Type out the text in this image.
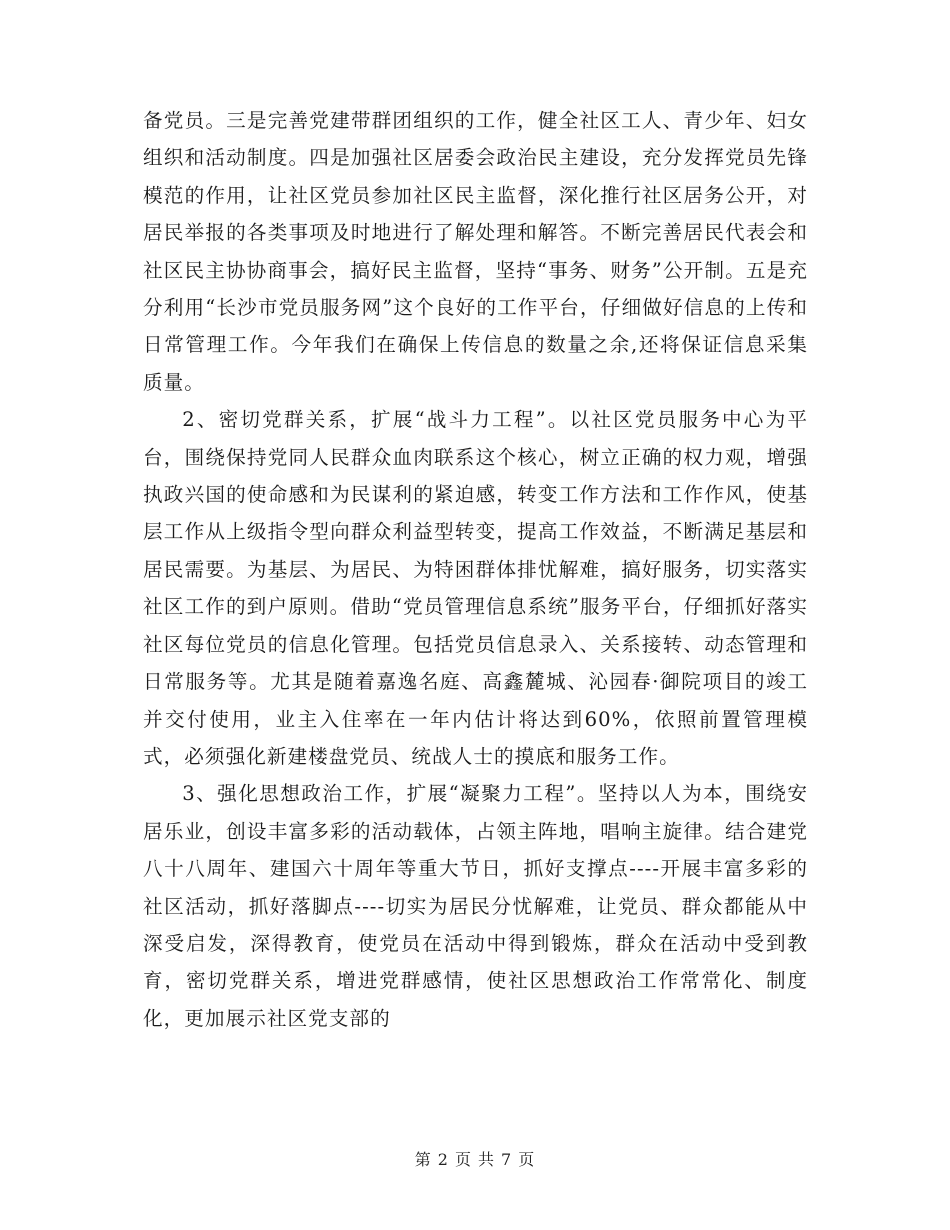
备党员。三是完善党建带群团组织的工作，健全社区工人、青少年、妇女组织和活动制度。四是加强社区居委会政治民主建设，充分发挥党员先锋模范的作用，让社区党员参加社区民主监督，深化推行社区居务公开，对居民举报的各类事项及时地进行了解处理和解答。不断完善居民代表会和社区民主协协商事会，搞好民主监督，坚持“事务、财务”公开制。五是充分利用“长沙市党员服务网”这个良好的工作平台，仔细做好信息的上传和日常管理工作。今年我们在确保上传信息的数量之余,还将保证信息采集质量。

2、密切党群关系，扩展“战斗力工程”。以社区党员服务中心为平台，围绕保持党同人民群众血肉联系这个核心，树立正确的权力观，增强执政兴国的使命感和为民谋利的紧迫感，转变工作方法和工作作风，使基层工作从上级指令型向群众利益型转变，提高工作效益，不断满足基层和居民需要。为基层、为居民、为特困群体排忧解难，搞好服务，切实落实社区工作的到户原则。借助“党员管理信息系统”服务平台，仔细抓好落实社区每位党员的信息化管理。包括党员信息录入、关系接转、动态管理和日常服务等。尤其是随着嘉逸名庭、高鑫麓城、沁园春·御院项目的竣工并交付使用，业主入住率在一年内估计将达到60%，依照前置管理模式，必须强化新建楼盘党员、统战人士的摸底和服务工作。

3、强化思想政治工作，扩展“凝聚力工程”。坚持以人为本，围绕安居乐业，创设丰富多彩的活动载体，占领主阵地，唱响主旋律。结合建党八十八周年、建国六十周年等重大节日，抓好支撑点----开展丰富多彩的社区活动，抓好落脚点----切实为居民分忧解难，让党员、群众都能从中深受启发，深得教育，使党员在活动中得到锻炼，群众在活动中受到教育，密切党群关系，增进党群感情，使社区思想政治工作常常化、制度化，更加展示社区党支部的

第 2 页 共 7 页
